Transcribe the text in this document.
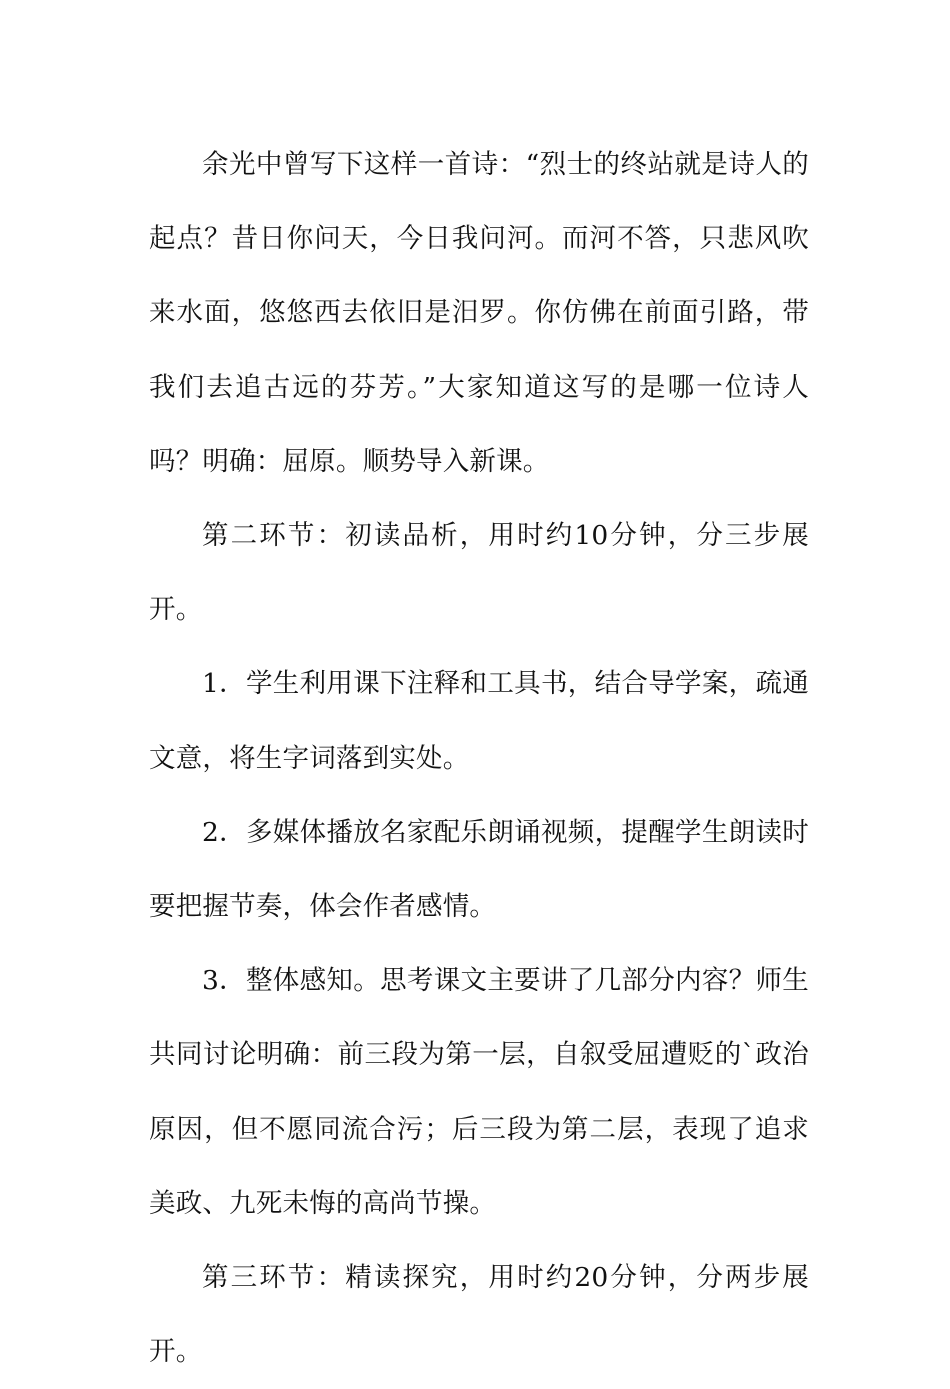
余光中曾写下这样一首诗：“烈士的终站就是诗人的起点？昔日你问天，今日我问河。而河不答，只悲风吹来水面，悠悠西去依旧是汨罗。你仿佛在前面引路，带我们去追古远的芬芳。”大家知道这写的是哪一位诗人吗？明确：屈原。顺势导入新课。

第二环节：初读品析，用时约10分钟，分三步展开。

1．学生利用课下注释和工具书，结合导学案，疏通文意，将生字词落到实处。

2．多媒体播放名家配乐朗诵视频，提醒学生朗读时要把握节奏，体会作者感情。

3．整体感知。思考课文主要讲了几部分内容？师生共同讨论明确：前三段为第一层，自叙受屈遭贬的`政治原因，但不愿同流合污；后三段为第二层，表现了追求美政、九死未悔的高尚节操。

第三环节：精读探究，用时约20分钟，分两步展开。
